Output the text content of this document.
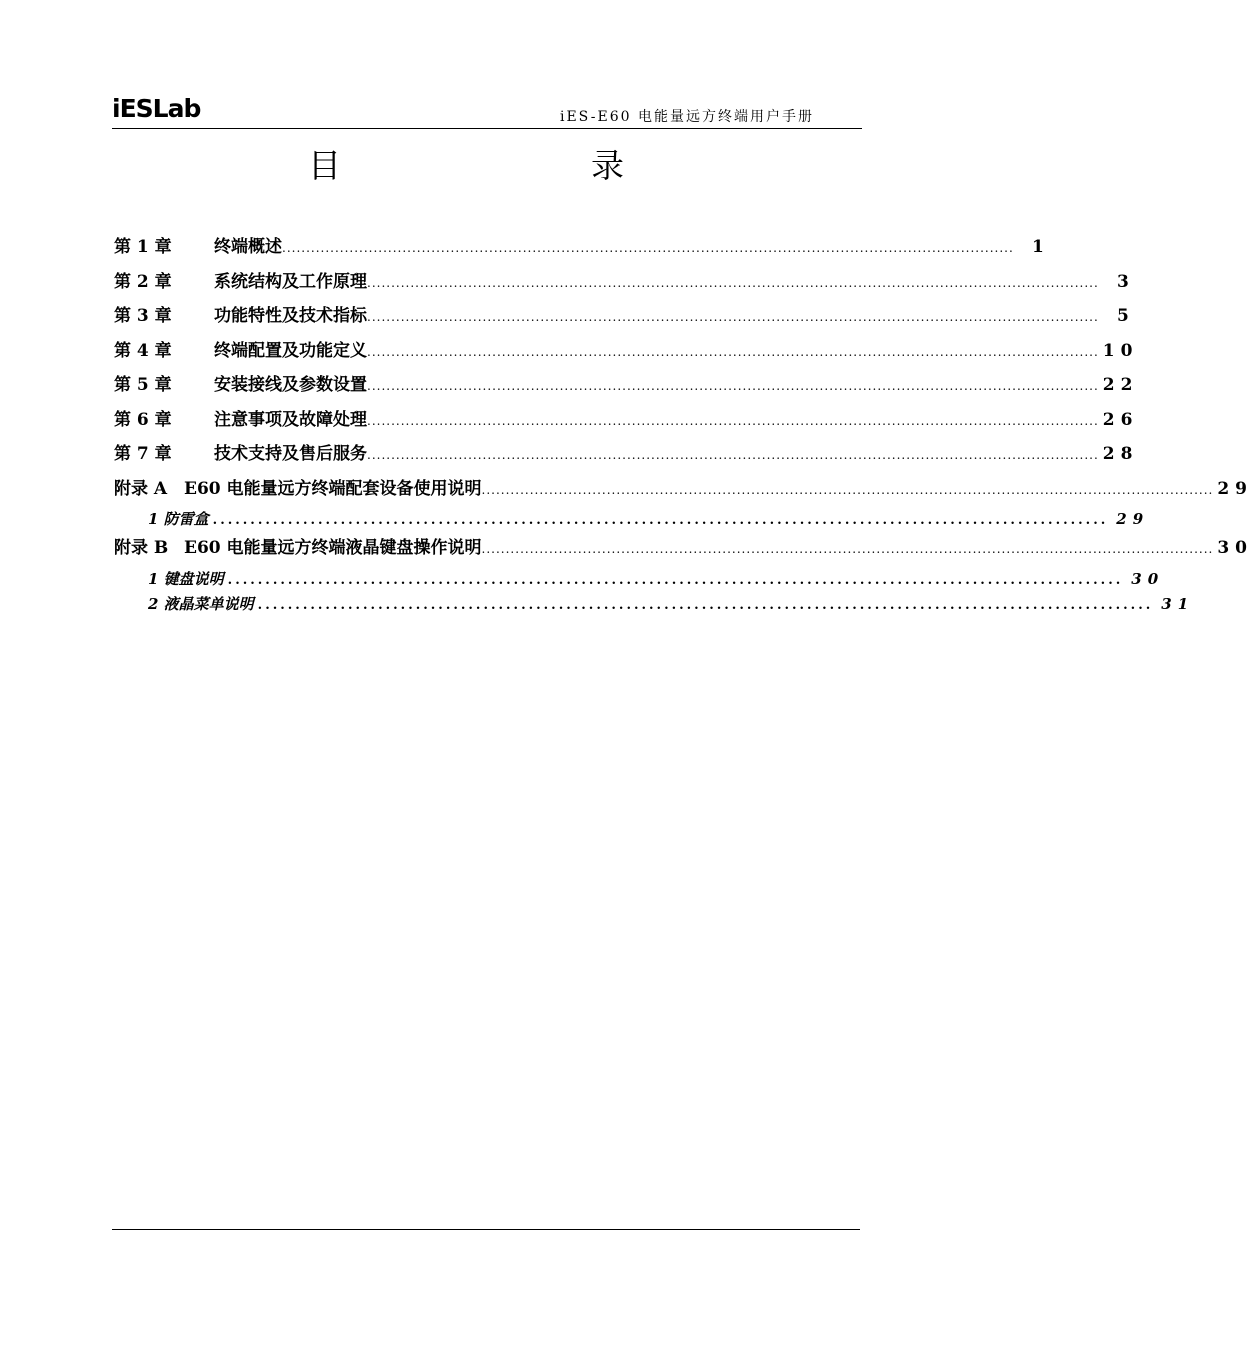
iESLab	iES-E60 电能量远方终端用户手册
目	录
第 1 章	终端概述 ........................................................................................................................................................	1
第 2 章	系统结构及工作原理 ........................................................................................................................................................	3
第 3 章	功能特性及技术指标 ........................................................................................................................................................	5
第 4 章	终端配置及功能定义 ........................................................................................................................................................ 10
第 5 章	安装接线及参数设置 ........................................................................................................................................................ 22
第 6 章	注意事项及故障处理 ........................................................................................................................................................ 26
第 7 章	技术支持及售后服务 ........................................................................................................................................................ 28
附录 A E60 电能量远方终端配套设备使用说明 ........................................................................................................................................................ 29
1 防雷盒 ....................................................................................................................... 29
附录 B E60 电能量远方终端液晶键盘操作说明 ........................................................................................................................................................ 30
1 键盘说明 ....................................................................................................................... 30
2 液晶菜单说明 ....................................................................................................................... 31
